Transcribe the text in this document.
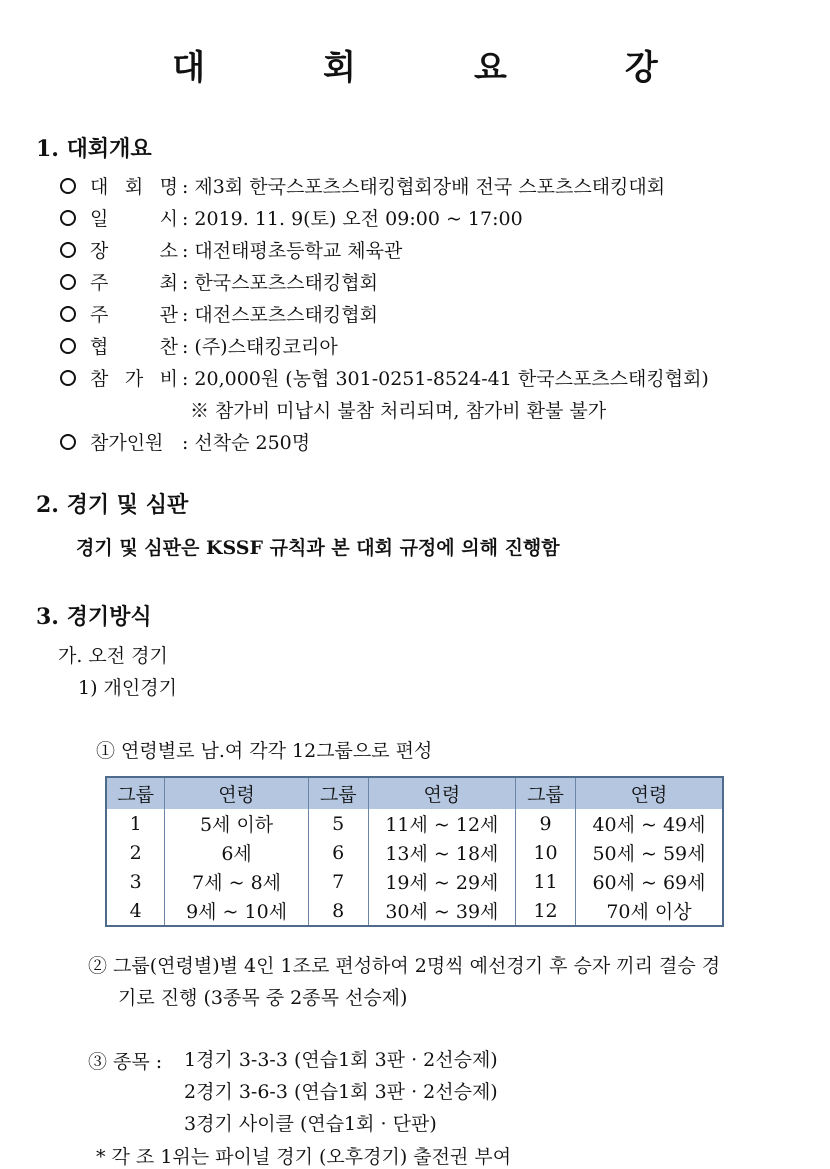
대	회	요	강
1. 대회개요
대 회 명 : 제3회 한국스포츠스태킹협회장배 전국 스포츠스태킹대회
일	시 : 2019. 11. 9(토) 오전 09:00 ~ 17:00
장	소 : 대전태평초등학교 체육관
주	최 : 한국스포츠스태킹협회
주	관 : 대전스포츠스태킹협회
협	찬 : (주)스태킹코리아
참 가 비 : 20,000원 (농협 301-0251-8524-41 한국스포츠스태킹협회)
※ 참가비 미납시 불참 처리되며, 참가비 환불 불가
참가인원 : 선착순 250명
2. 경기 및 심판
경기 및 심판은 KSSF 규칙과 본 대회 규정에 의해 진행함
3. 경기방식
가. 오전 경기
1) 개인경기
① 연령별로 남.여 각각 12그룹으로 편성
그룹	연령	그룹	연령	그룹	연령
1	5세 이하	5	11세 ~ 12세	9	40세 ~ 49세
2	6세	6	13세 ~ 18세	10	50세 ~ 59세
3	7세 ~ 8세	7	19세 ~ 29세	11	60세 ~ 69세
4	9세 ~ 10세	8	30세 ~ 39세	12	70세 이상
② 그룹(연령별)별 4인 1조로 편성하여 2명씩 예선경기 후 승자 끼리 결승 경
기로 진행 (3종목 중 2종목 선승제)
③ 종목 : 1경기 3-3-3 (연습1회 3판 · 2선승제)
2경기 3-6-3 (연습1회 3판 · 2선승제)
3경기 사이클 (연습1회 · 단판)
* 각 조 1위는 파이널 경기 (오후경기) 출전권 부여
